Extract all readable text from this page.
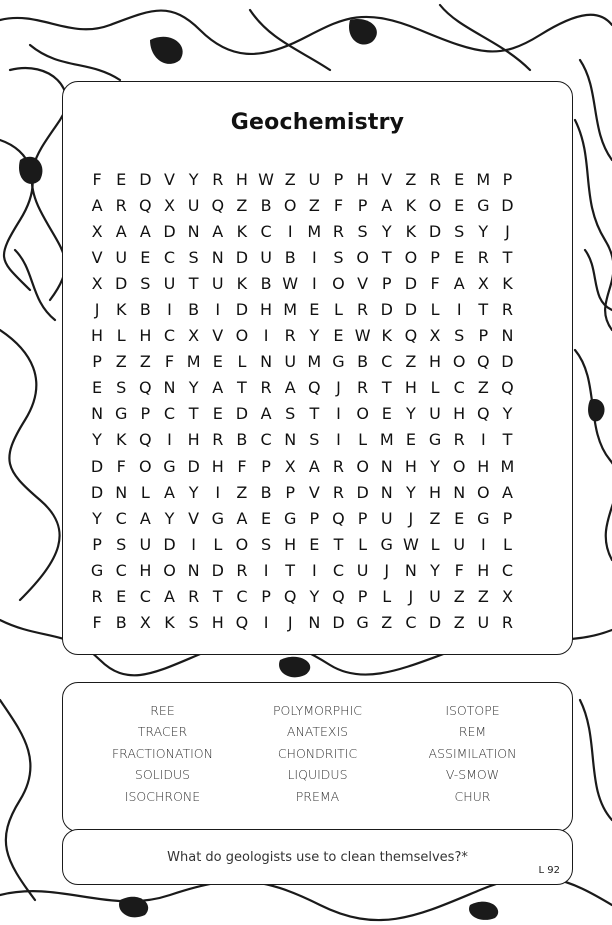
Geochemistry
F E D V Y R H W Z U P H V Z R E M P
A R Q X U Q Z B O Z F P A K O E G D
X A A D N A K C	I M R S Y K D S Y	J
V U E C S N D U B	I	S O T O P E R T
X D S U T U K B W I O V P D F A X K
J	K B	I	B	I D H M E L R D D L	I	T R
H L H C X V O I	R Y E W K Q X S P N
P Z Z F M E L N U M G B C Z H O Q D
E S Q N Y A T R A Q J	R T H L C Z Q
N G P C T E D A S T	I O E Y U H Q Y
Y K Q I H R B C N S	I	L M E G R	I	T
D F O G D H F P X A R O N H Y O H M
D N L A Y	I	Z B P V R D N Y H N O A
Y C A Y V G A E G P Q P U J	Z E G P
P S U D I	L O S H E T L G W L U I	L
G C H O N D R	I	T	I	C U J N Y F H C
R E C A R T C P Q Y Q P L	J U Z Z X
F B X K S H Q I	J N D G Z C D Z U R
REE	POLYMORPHIC	ISOTOPE
TRACER	ANATEXIS	REM
FRACTIONATION	CHONDRITIC	ASSIMILATION
SOLIDUS	LIQUIDUS	V-SMOW
ISOCHRONE	PREMA	CHUR
What do geologists use to clean themselves?*
L 92
